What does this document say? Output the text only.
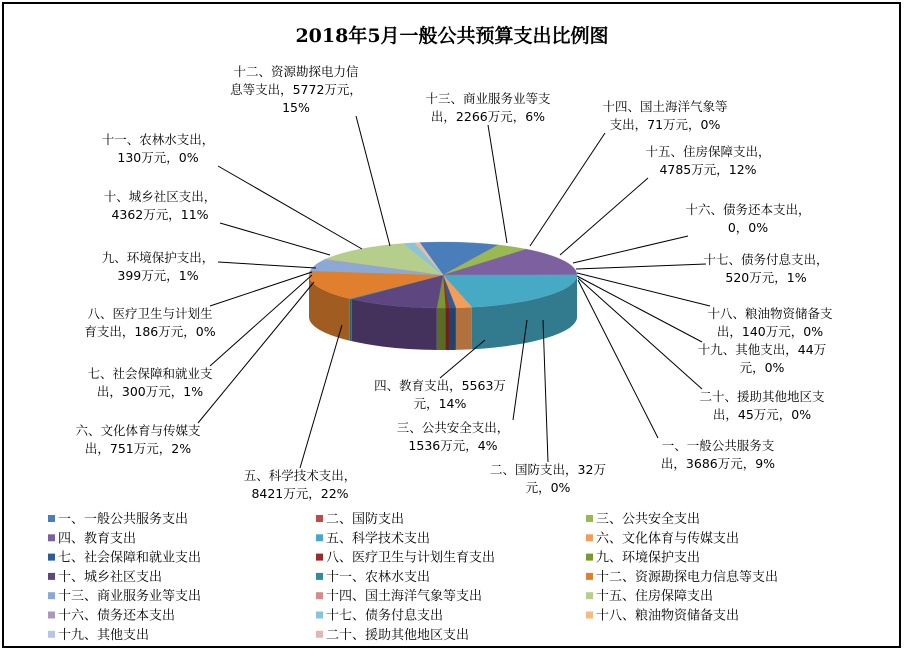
2018年5月一般公共预算支出比例图
一、一般公共服务支出，3686万元，9%
二、国防支出，32万元，0%
三、公共安全支出， 1536万元，4%
四、教育支出，5563万元，14%
五、科学技术支出， 8421万元，22%
六、文化体育与传媒支出，751万元，2%
七、社会保障和就业支出，300万元，1%
八、医疗卫生与计划生育支出，186万元，0%
九、环境保护支出， 399万元，1%
十、城乡社区支出， 4362万元，11%
十一、农林水支出， 130万元，0%
十二、资源勘探电力信息等支出，5772万元， 15%
十三、商业服务业等支出，2266万元，6%
十四、国土海洋气象等支出，71万元，0%
十五、住房保障支出， 4785万元，12%
十六、债务还本支出， 0，0%
十七、债务付息支出， 520万元，1%
十八、粮油物资储备支出，140万元，0%
十九、其他支出，44万元，0%
二十、援助其他地区支出，45万元，0%
一、一般公共服务支出	二、国防支出	三、公共安全支出
四、教育支出	五、科学技术支出	六、文化体育与传媒支出
七、社会保障和就业支出	八、医疗卫生与计划生育支出	九、环境保护支出
十、城乡社区支出	十一、农林水支出	十二、资源勘探电力信息等支出
十三、商业服务业等支出	十四、国土海洋气象等支出	十五、住房保障支出
十六、债务还本支出	十七、债务付息支出	十八、粮油物资储备支出
十九、其他支出	二十、援助其他地区支出
